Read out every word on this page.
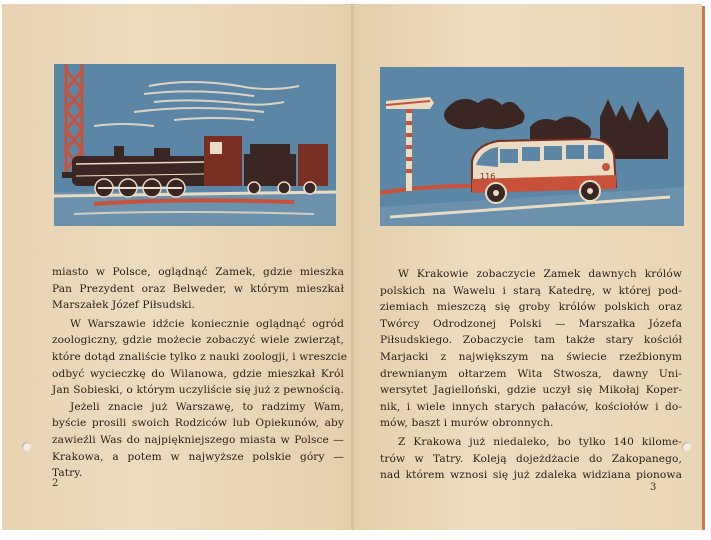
miasto w Polsce, oglądnąć Zamek, gdzie mieszka
Pan Prezydent oraz Belweder, w którym mieszkał
Marszałek Józef Piłsudski.

W Warszawie idźcie koniecznie oglądnąć ogród
zoologiczny, gdzie możecie zobaczyć wiele zwierząt,
które dotąd znaliście tylko z nauki zoologji, i wreszcie
odbyć wycieczkę do Wilanowa, gdzie mieszkał Król
Jan Sobieski, o którym uczyliście się już z pewnością.
Jeżeli znacie już Warszawę, to radzimy Wam,
byście prosili swoich Rodziców lub Opiekunów, aby
zawieźli Was do najpiękniejszego miasta w Polsce —
Krakowa, a potem w najwyższe polskie góry —
Tatry.

2
116

W Krakowie zobaczycie Zamek dawnych królów
polskich na Wawelu i starą Katedrę, w której pod-
ziemiach mieszczą się groby królów polskich oraz
Twórcy Odrodzonej Polski — Marszałka Józefa
Piłsudskiego. Zobaczycie tam także stary kościół
Marjacki z największym na świecie rzeźbionym
drewnianym ołtarzem Wita Stwosza, dawny Uni-
wersytet Jagielloński, gdzie uczył się Mikołaj Koper-
nik, i wiele innych starych pałaców, kościołów i do-
mów, baszt i murów obronnych.

Z Krakowa już niedaleko, bo tylko 140 kilome-
trów w Tatry. Koleją dojeżdżacie do Zakopanego,
nad którem wznosi się już zdaleka widziana pionowa

3
